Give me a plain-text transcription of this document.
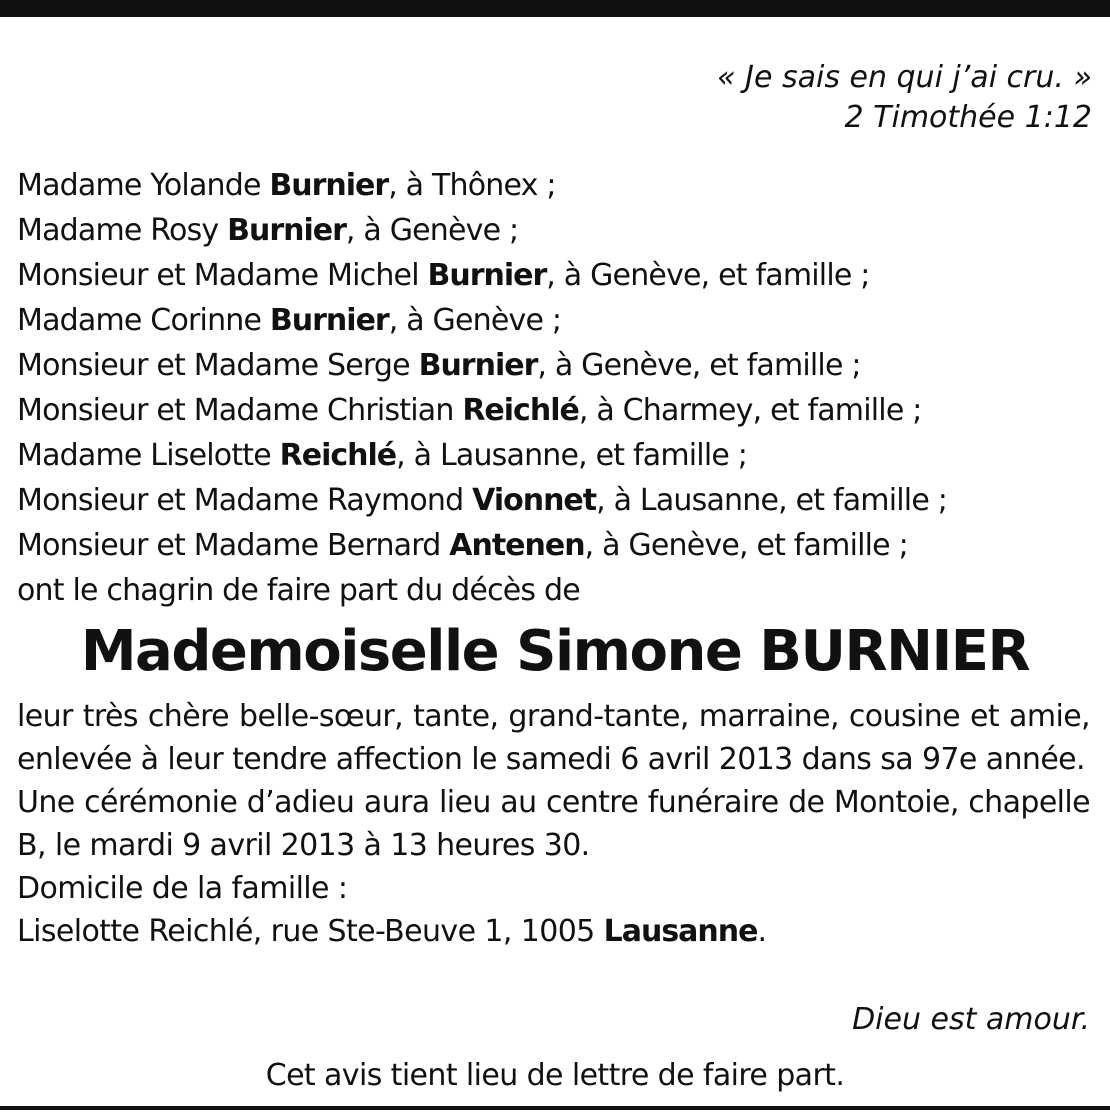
« Je sais en qui j’ai cru. »
2 Timothée 1:12
Madame Yolande Burnier, à Thônex ;
Madame Rosy Burnier, à Genève ;
Monsieur et Madame Michel Burnier, à Genève, et famille ;
Madame Corinne Burnier, à Genève ;
Monsieur et Madame Serge Burnier, à Genève, et famille ;
Monsieur et Madame Christian Reichlé, à Charmey, et famille ;
Madame Liselotte Reichlé, à Lausanne, et famille ;
Monsieur et Madame Raymond Vionnet, à Lausanne, et famille ;
Monsieur et Madame Bernard Antenen, à Genève, et famille ;
ont le chagrin de faire part du décès de
Mademoiselle Simone BURNIER

leur très chère belle-sœur, tante, grand-tante, marraine, cousine et amie, enlevée à leur tendre affection le samedi 6 avril 2013 dans sa 97e année.

Une cérémonie d’adieu aura lieu au centre funéraire de Montoie, chapelle B, le mardi 9 avril 2013 à 13 heures 30.

Domicile de la famille :

Liselotte Reichlé, rue Ste-Beuve 1, 1005 Lausanne.

Dieu est amour.
Cet avis tient lieu de lettre de faire part.
